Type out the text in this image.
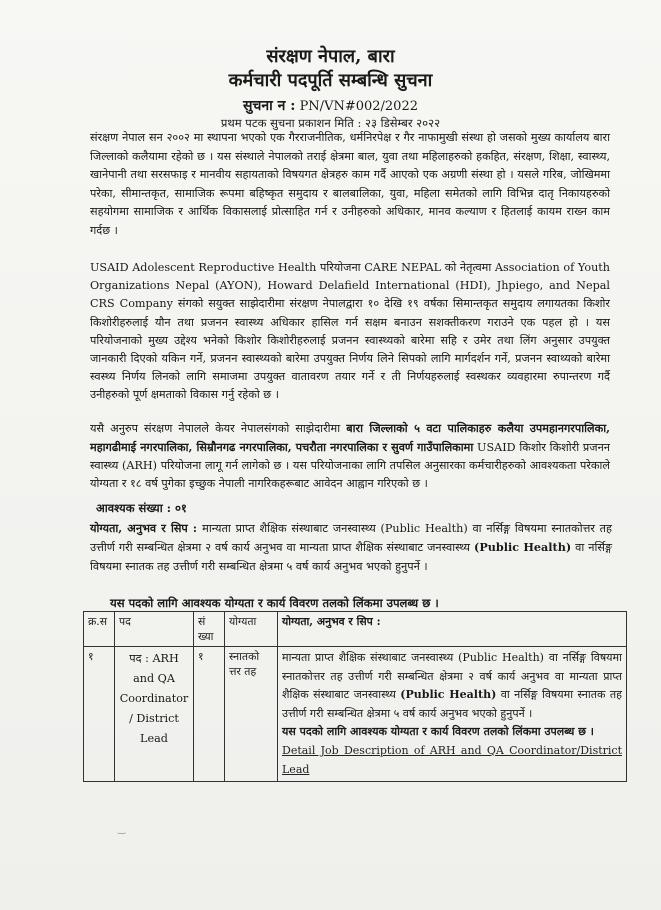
संरक्षण नेपाल, बारा
कर्मचारी पदपूर्ति सम्बन्धि सुचना
सुचना न : PN/VN#002/2022
प्रथम पटक सुचना प्रकाशन मिति : २३ डिसेम्बर २०२२
संरक्षण नेपाल सन २००२ मा स्थापना भएको एक गैरराजनीतिक, धर्मनिरपेक्ष र गैर नाफामुखी संस्था हो जसको मुख्य कार्यालय बारा जिल्लाको कलैयामा रहेको छ । यस संस्थाले नेपालको तराई क्षेत्रमा बाल, युवा तथा महिलाहरुको हकहित, संरक्षण, शिक्षा, स्वास्थ्य, खानेपानी तथा सरसफाइ र मानवीय सहायताको विषयगत क्षेत्रहरु काम गर्दै आएको एक अग्रणी संस्था हो । यसले गरिब, जोखिममा परेका, सीमान्तकृत, सामाजिक रूपमा बहिष्कृत समुदाय र बालबालिका, युवा, महिला समेतको लागि विभिन्न दातृ निकायहरुको सहयोगमा सामाजिक र आर्थिक विकासलाई प्रोत्साहित गर्न र उनीहरुको अधिकार, मानव कल्याण र हितलाई कायम राख्न काम गर्दछ ।
USAID Adolescent Reproductive Health परियोजना CARE NEPAL को नेतृत्वमा Association of Youth Organizations Nepal (AYON), Howard Delafield International (HDI), Jhpiego, and Nepal CRS Company संगको सयुक्त साझेदारीमा संरक्षण नेपालद्वारा १० देखि १९ वर्षका सिमान्तकृत समुदाय लगायतका किशोर किशोरीहरुलाई यौन तथा प्रजनन स्वास्थ्य अधिकार हासिल गर्न सक्षम बनाउन सशक्तीकरण गराउने एक पहल हो । यस परियोजनाको मुख्य उद्देश्य भनेको किशोर किशोरीहरुलाई प्रजनन स्वास्थ्यको बारेमा सहि र उमेर तथा लिंग अनुसार उपयुक्त जानकारी दिएको यकिन गर्ने, प्रजनन स्वास्थ्यको बारेमा उपयुक्त निर्णय लिने सिपको लागि मार्गदर्शन गर्ने, प्रजनन स्वाथ्यको बारेमा स्वस्थ्य निर्णय लिनको लागि समाजमा उपयुक्त वातावरण तयार गर्ने र ती निर्णयहरुलाई स्वस्थकर व्यवहारमा रुपान्तरण गर्दै उनीहरुको पूर्ण क्षमताको विकास गर्नु रहेको छ ।
यसै अनुरुप संरक्षण नेपालले केयर नेपालसंगको साझेदारीमा बारा जिल्लाको ५ वटा पालिकाहरु कलैया उपमहानगरपालिका, महागढीमाई नगरपालिका, सिम्रौनगढ नगरपालिका, पचरौता नगरपालिका र सुवर्ण गाउँपालिकामा USAID किशोर किशोरी प्रजनन स्वास्थ्य (ARH) परियोजना लागू गर्न लागेको छ । यस परियोजनाका लागि तपसिल अनुसारका कर्मचारीहरुको आवश्यकता परेकाले योग्यता र १८ वर्ष पुगेका इच्छुक नेपाली नागरिकहरूबाट आवेदन आह्वान गरिएको छ ।
आवश्यक संख्या : ०१
योग्यता, अनुभव र सिप : मान्यता प्राप्त शैक्षिक संस्थाबाट जनस्वास्थ्य (Public Health) वा नर्सिङ्ग विषयमा स्नातकोत्तर तह उत्तीर्ण गरी सम्बन्धित क्षेत्रमा २ वर्ष कार्य अनुभव वा मान्यता प्राप्त शैक्षिक संस्थाबाट जनस्वास्थ्य (Public Health) वा नर्सिङ्ग विषयमा स्नातक तह उत्तीर्ण गरी सम्बन्धित क्षेत्रमा ५ वर्ष कार्य अनुभव भएको हुनुपर्ने ।
यस पदको लागि आवश्यक योग्यता र कार्य विवरण तलको लिंकमा उपलब्ध छ ।
क्र.स	पद	सं ख्या	योग्यता	योग्यता, अनुभव र सिप :
१	पद : ARH and QA Coordinator / District Lead	१	स्नातको त्तर तह	मान्यता प्राप्त शैक्षिक संस्थाबाट जनस्वास्थ्य (Public Health) वा नर्सिङ्ग विषयमा स्नातकोत्तर तह उत्तीर्ण गरी सम्बन्धित क्षेत्रमा २ वर्ष कार्य अनुभव वा मान्यता प्राप्त शैक्षिक संस्थाबाट जनस्वास्थ्य (Public Health) वा नर्सिङ्ग विषयमा स्नातक तह उत्तीर्ण गरी सम्बन्धित क्षेत्रमा ५ वर्ष कार्य अनुभव भएको हुनुपर्ने ।
यस पदको लागि आवश्यक योग्यता र कार्य विवरण तलको लिंकमा उपलब्ध छ ।
Detail Job Description of ARH and QA Coordinator/District Lead
‿
